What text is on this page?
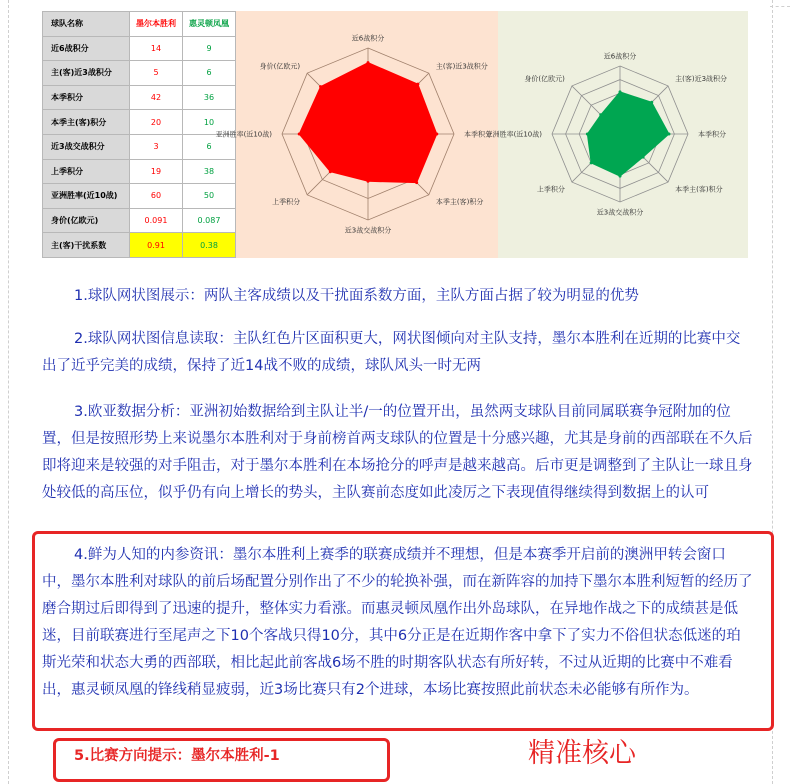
球队名称	墨尔本胜利	惠灵顿凤凰
近6战积分	14	9
主(客)近3战积分	5	6
本季积分	42	36
本季主(客)积分	20	10
近3战交战积分	3	6
上季积分	19	38
亚洲胜率(近10战)	60	50
身价(亿欧元)	0.091	0.087
主(客)干扰系数	0.91	0.38
近6战积分
主(客)近3战积分
本季积分
本季主(客)积分
近3战交战积分
上季积分
亚洲胜率(近10战)
身价(亿欧元)
近6战积分
主(客)近3战积分
本季积分
本季主(客)积分
近3战交战积分
上季积分
亚洲胜率(近10战)
身价(亿欧元)

1.球队网状图展示：两队主客成绩以及干扰面系数方面，主队方面占据了较为明显的优势

2.球队网状图信息读取：主队红色片区面积更大，网状图倾向对主队支持，墨尔本胜利在近期的比赛中交出了近乎完美的成绩，保持了近14战不败的成绩，球队风头一时无两

3.欧亚数据分析：亚洲初始数据给到主队让半/一的位置开出，虽然两支球队目前同属联赛争冠附加的位置，但是按照形势上来说墨尔本胜利对于身前榜首两支球队的位置是十分感兴趣，尤其是身前的西部联在不久后即将迎来是较强的对手阻击，对于墨尔本胜利在本场抢分的呼声是越来越高。后市更是调整到了主队让一球且身处较低的高压位，似乎仍有向上增长的势头，主队赛前态度如此凌厉之下表现值得继续得到数据上的认可

4.鲜为人知的内参资讯：墨尔本胜利上赛季的联赛成绩并不理想，但是本赛季开启前的澳洲甲转会窗口中，墨尔本胜利对球队的前后场配置分别作出了不少的轮换补强，而在新阵容的加持下墨尔本胜利短暂的经历了磨合期过后即得到了迅速的提升，整体实力看涨。而惠灵顿凤凰作出外岛球队，在异地作战之下的成绩甚是低迷，目前联赛进行至尾声之下10个客战只得10分，其中6分正是在近期作客中拿下了实力不俗但状态低迷的珀斯光荣和状态大勇的西部联，相比起此前客战6场不胜的时期客队状态有所好转，不过从近期的比赛中不难看出，惠灵顿凤凰的锋线稍显疲弱，近3场比赛只有2个进球，本场比赛按照此前状态未必能够有所作为。

5.比赛方向提示：墨尔本胜利-1	精准核心
